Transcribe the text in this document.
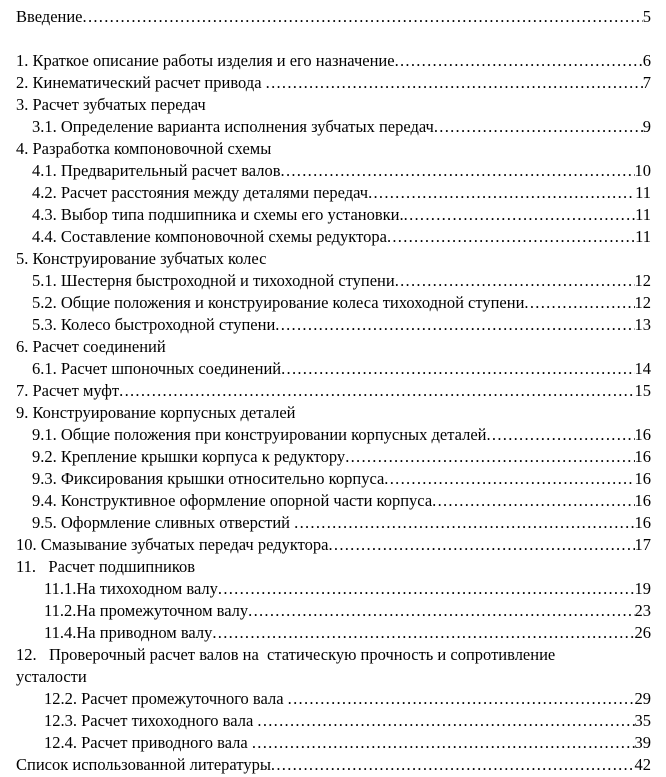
Введение .....	5
1. Краткое описание работы изделия и его назначение .....	6
2. Кинематический расчет привода .....	7
3. Расчет зубчатых передач
3.1. Определение варианта исполнения зубчатых передач .....	9
4. Разработка компоновочной схемы
4.1. Предварительный расчет валов .....	10
4.2. Расчет расстояния между деталями передач .....	11
4.3. Выбор типа подшипника и схемы его установки. .....	11
4.4. Составление компоновочной схемы редуктора .....	11
5. Конструирование зубчатых колес
5.1. Шестерня быстроходной и тихоходной ступени .....	12
5.2. Общие положения и конструирование колеса тихоходной ступени .....	12
5.3. Колесо быстроходной ступени .....	13
6. Расчет соединений
6.1. Расчет шпоночных соединений .....	14
7. Расчет муфт .....	15
9. Конструирование корпусных деталей
9.1. Общие положения при конструировании корпусных деталей .....	16
9.2. Крепление крышки корпуса к редуктору .....	16
9.3. Фиксирования крышки относительно корпуса .....	16
9.4. Конструктивное оформление опорной части корпуса .....	16
9.5. Оформление сливных отверстий .....	16
10. Смазывание зубчатых передач редуктора .....	17
11.   Расчет подшипников
11.1.На тихоходном валу .....	19
11.2.На промежуточном валу .....	23
11.4.На приводном валу .....	26
12.   Проверочный расчет валов на  статическую прочность и сопротивление
усталости
12.2. Расчет промежуточного вала .....	29
12.3. Расчет тихоходного вала .....	35
12.4. Расчет приводного вала .....	39
Список использованной литературы .....	42
